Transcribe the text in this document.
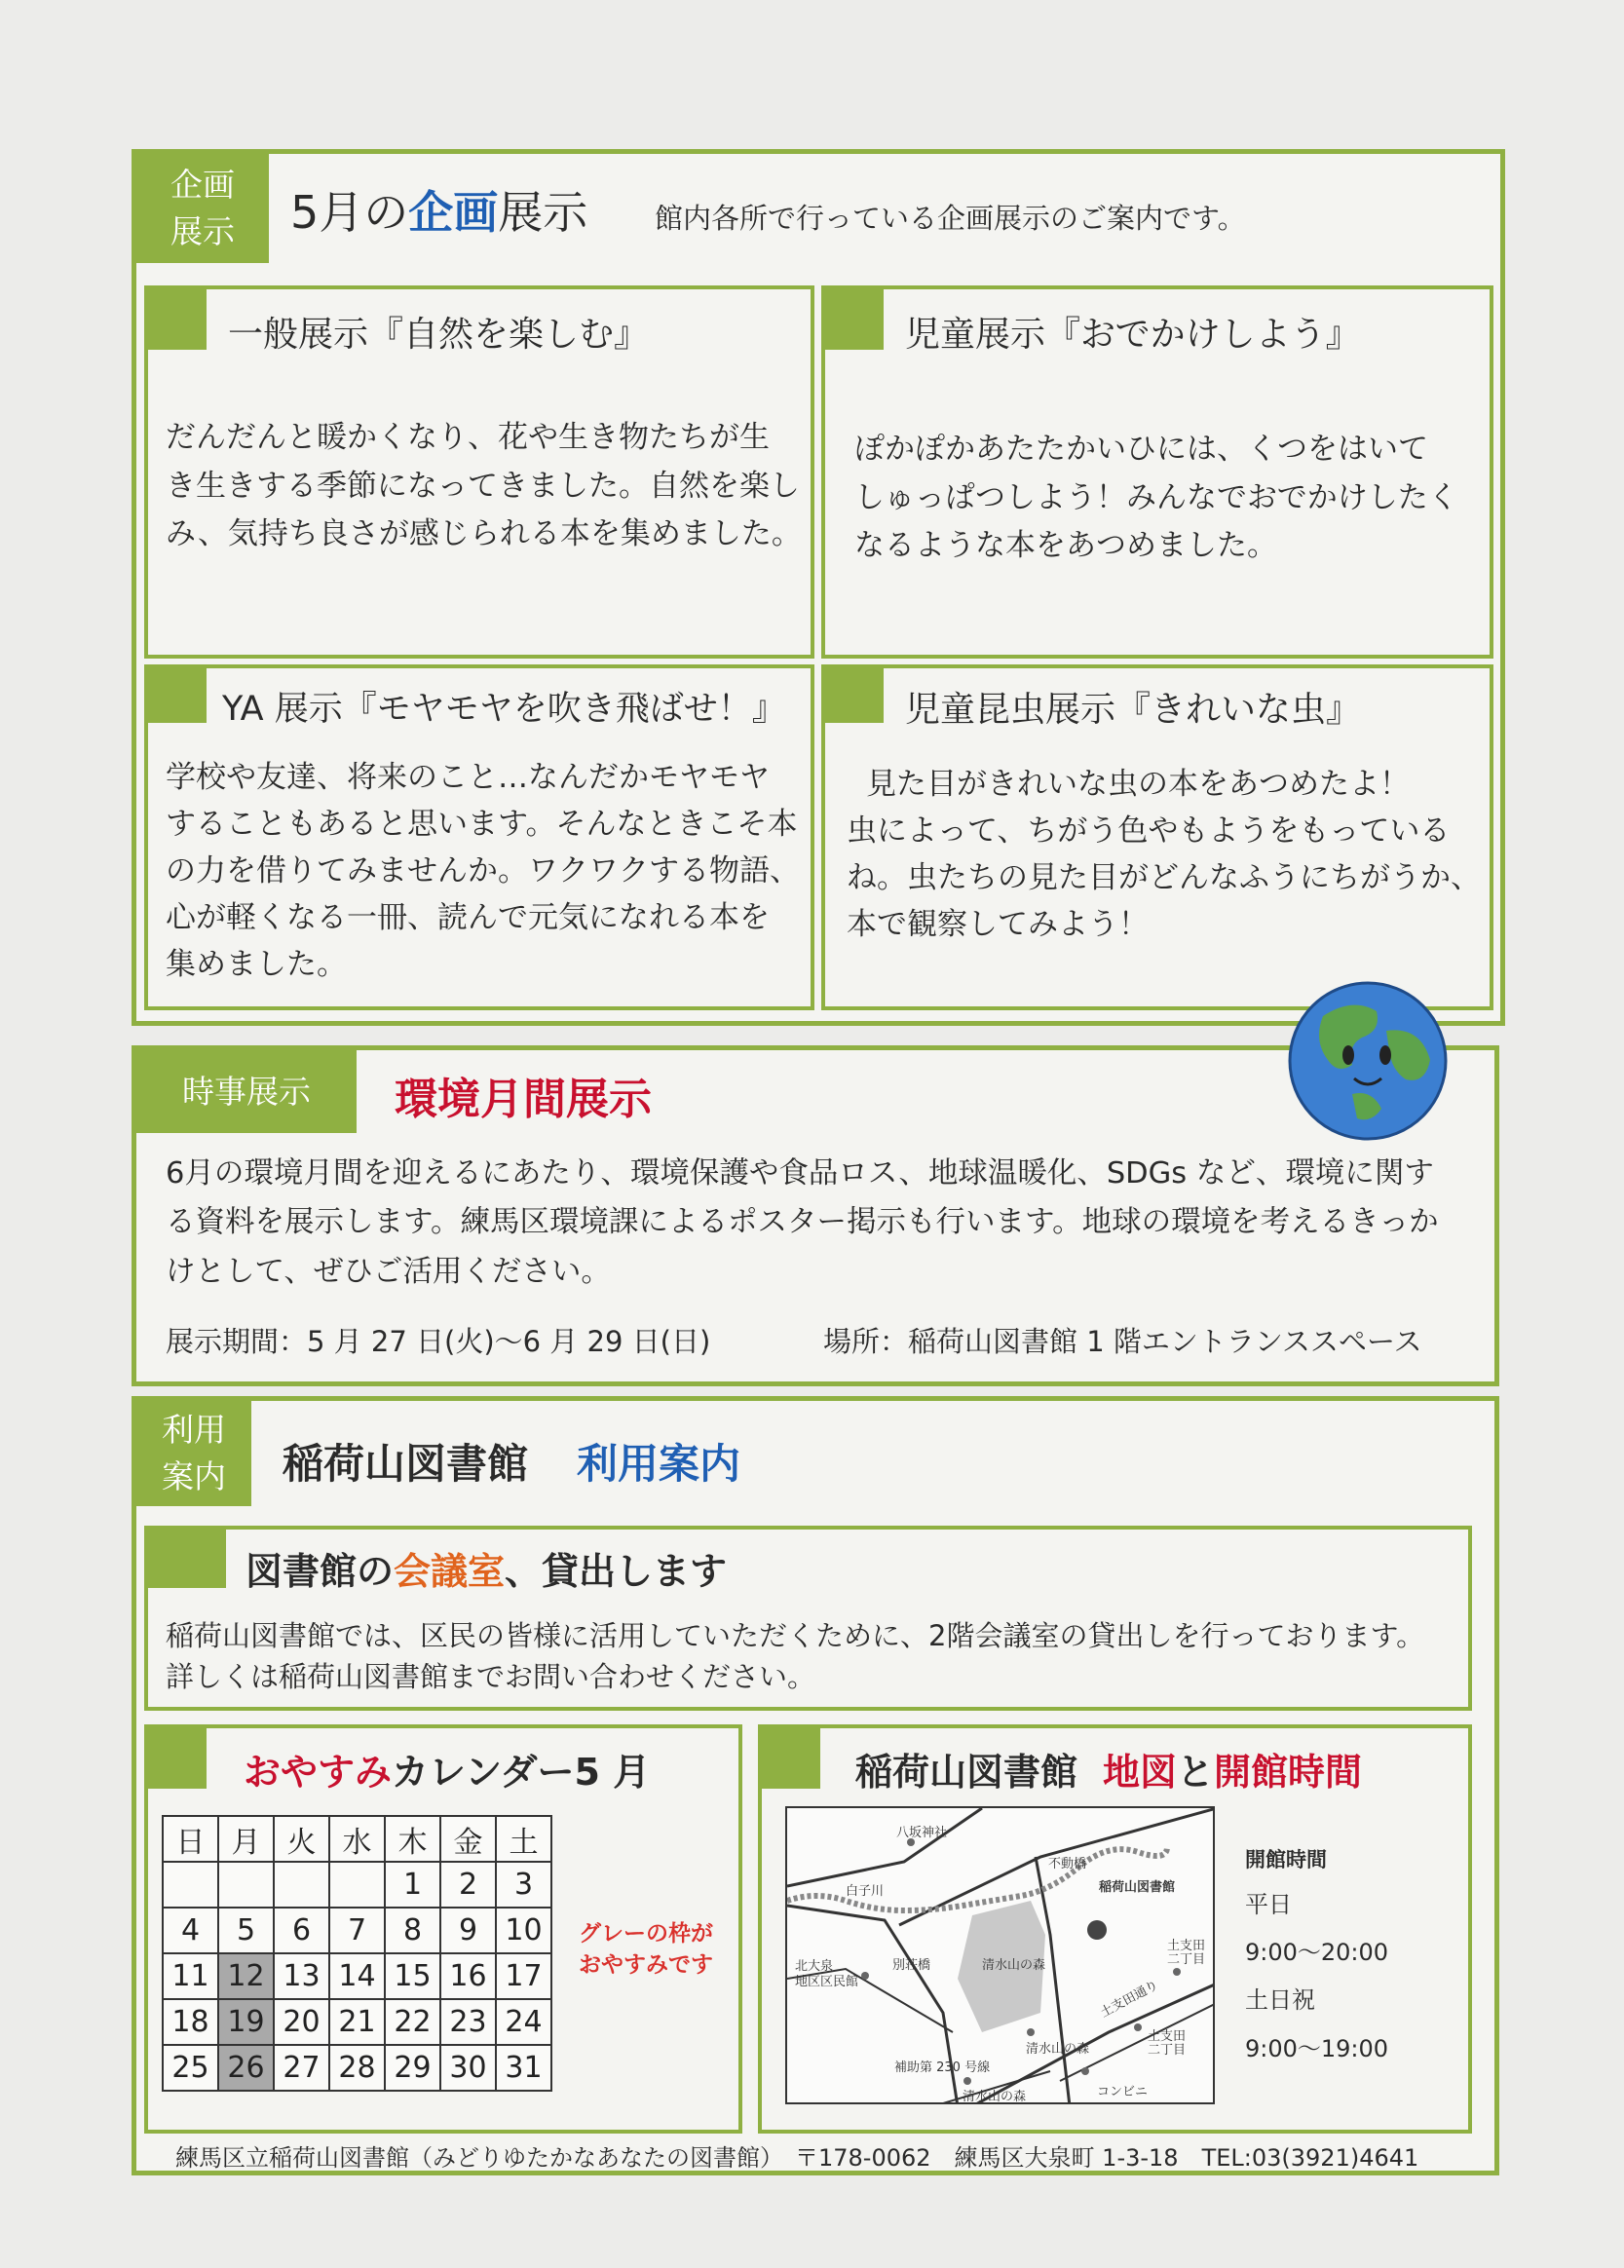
企画
展示 5月の企画展示 館内各所で行っている企画展示のご案内です。
一般展示『自然を楽しむ』
だんだんと暖かくなり、花や生き物たちが生
き生きする季節になってきました。自然を楽し
み、気持ち良さが感じられる本を集めました。
児童展示『おでかけしよう』
ぽかぽかあたたかいひには、くつをはいて
しゅっぱつしよう！みんなでおでかけしたく
なるような本をあつめました。
YA 展示『モヤモヤを吹き飛ばせ！』
学校や友達、将来のこと…なんだかモヤモヤ
することもあると思います。そんなときこそ本
の力を借りてみませんか。ワクワクする物語、
心が軽くなる一冊、読んで元気になれる本を
集めました。
児童昆虫展示『きれいな虫』
見た目がきれいな虫の本をあつめたよ！
虫によって、ちがう色やもようをもっている
ね。虫たちの見た目がどんなふうにちがうか、
本で観察してみよう！
時事展示	環境月間展示
6月の環境月間を迎えるにあたり、環境保護や食品ロス、地球温暖化、SDGs など、環境に関す
る資料を展示します。練馬区環境課によるポスター掲示も行います。地球の環境を考えるきっか
けとして、ぜひご活用ください。
展示期間：5 月 27 日(火)～6 月 29 日(日)	場所：稲荷山図書館 1 階エントランススペース
利用
案内 稲荷山図書館 利用案内
図書館の会議室、貸出します
稲荷山図書館では、区民の皆様に活用していただくために、2階会議室の貸出しを行っております。
詳しくは稲荷山図書館までお問い合わせください。
おやすみカレンダー5 月
日	月	火	水	木	金	土
				1	2	3
4	5	6	7	8	9	10
11	12	13	14	15	16	17
18	19	20	21	22	23	24
25	26	27	28	29	30	31
グレーの枠が
おやすみです
稲荷山図書館 地図と開館時間
八坂神社
不動橋
稲荷山図書館
白子川
別荘橋	清水山の森
土支田
二丁目
北大泉
地区区民館	土支田通り
清水山の森
土支田
二丁目
補助第 230 号線
清水山の森	コンビニ
開館時間
平日
9:00～20:00
土日祝
9:00～19:00
練馬区立稲荷山図書館（みどりゆたかなあなたの図書館）　〒178-0062　練馬区大泉町 1-3-18　TEL:03(3921)4641
